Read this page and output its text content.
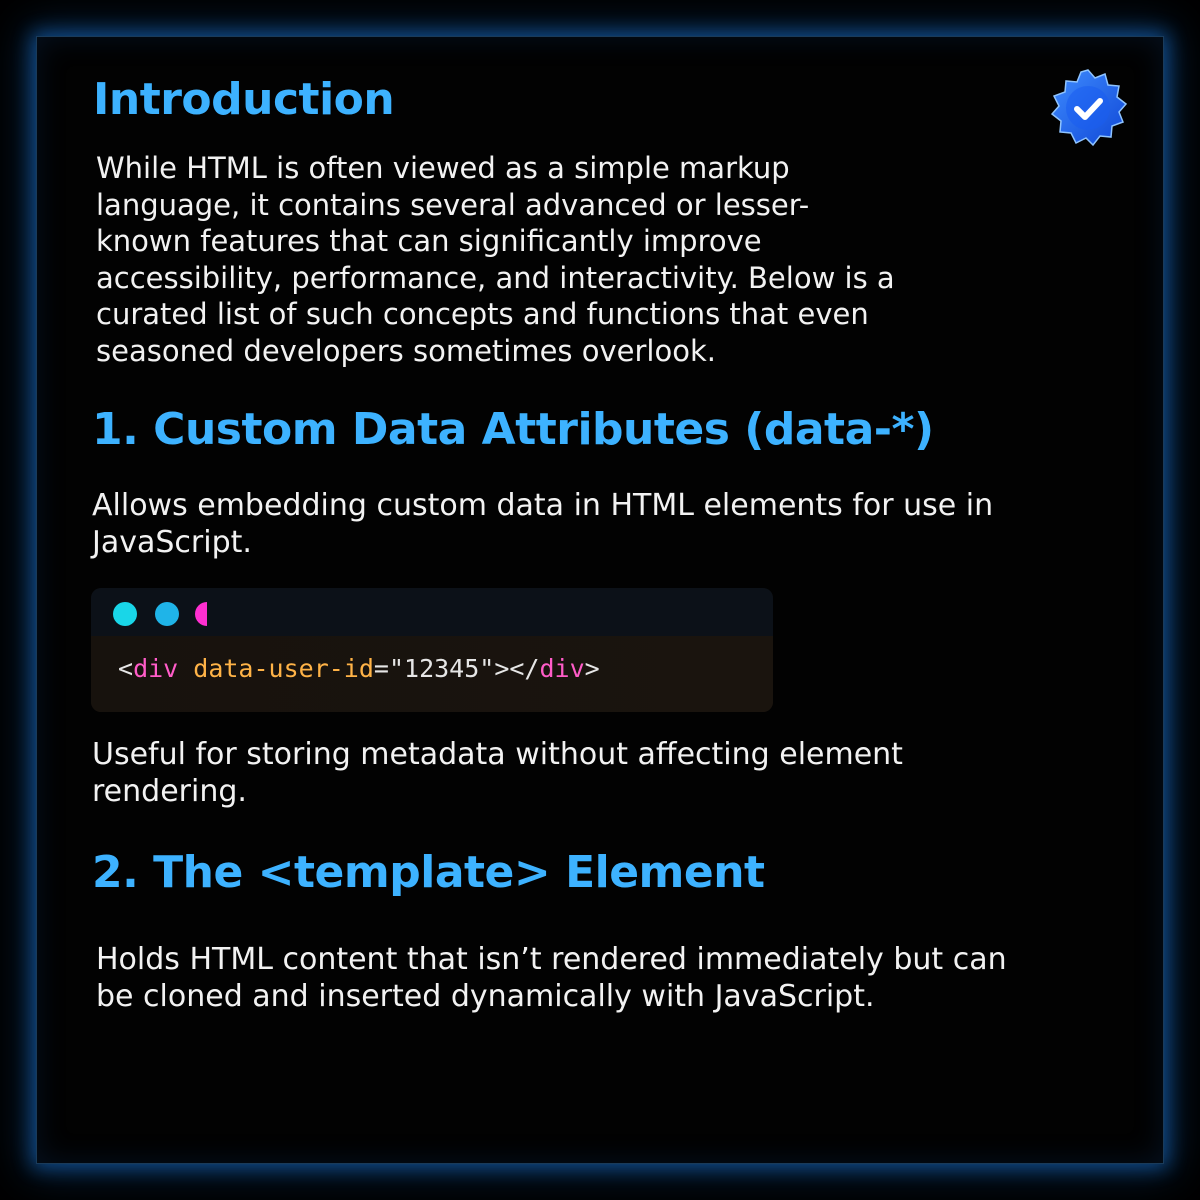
Introduction
While HTML is often viewed as a simple markup
language, it contains several advanced or lesser-
known features that can significantly improve
accessibility, performance, and interactivity. Below is a
curated list of such concepts and functions that even
seasoned developers sometimes overlook.
1. Custom Data Attributes (data-*)
Allows embedding custom data in HTML elements for use in
JavaScript.
<div data-user-id="12345"></div>
Useful for storing metadata without affecting element
rendering.
2. The <template> Element
Holds HTML content that isn’t rendered immediately but can
be cloned and inserted dynamically with JavaScript.
